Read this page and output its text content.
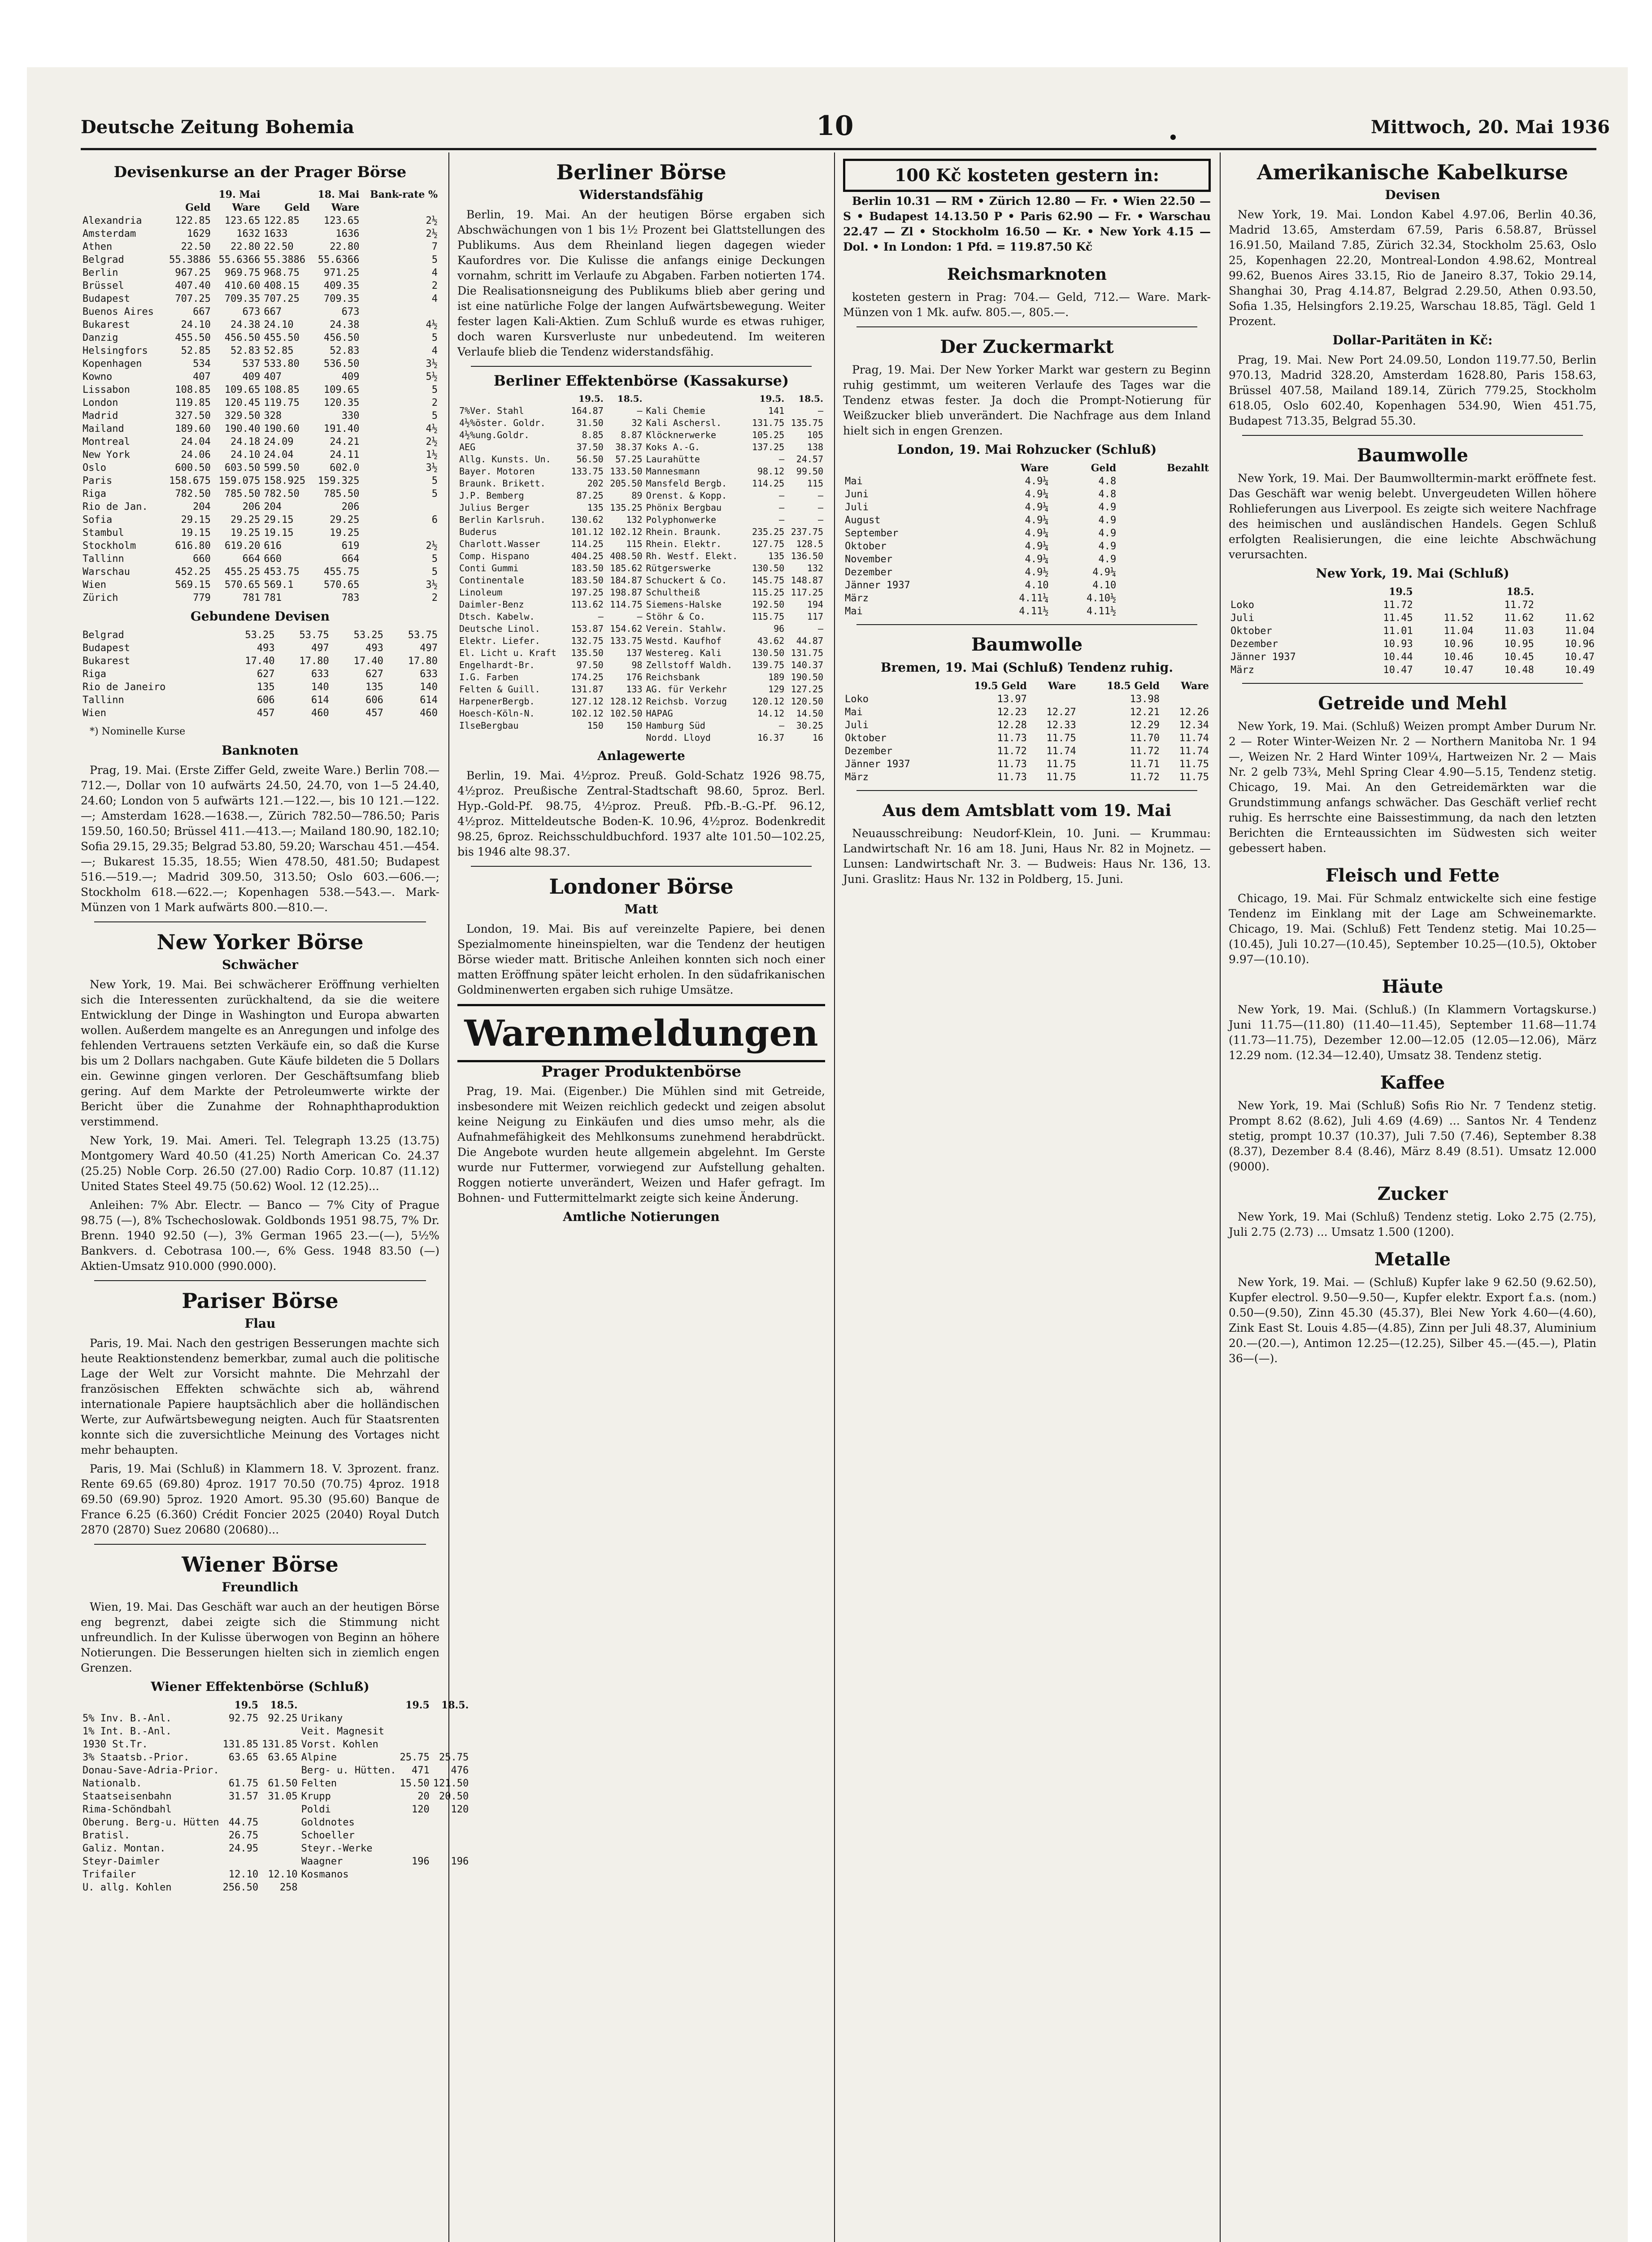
Deutsche Zeitung Bohemia	10	Mittwoch, 20. Mai 1936
Devisenkurse an der Prager Börse
	19. Mai		18. Mai		Bank-rate %
	Geld	Ware	Geld	Ware	
Alexandria	122.85	123.65	122.85	123.65	2½
Amsterdam	1629	1632	1633	1636	2½
Athen	22.50	22.80	22.50	22.80	7
Belgrad	55.3886	55.6366	55.3886	55.6366	5
Berlin	967.25	969.75	968.75	971.25	4
Brüssel	407.40	410.60	408.15	409.35	2
Budapest	707.25	709.35	707.25	709.35	4
Buenos Aires	667	673	667	673	
Bukarest	24.10	24.38	24.10	24.38	4½
Danzig	455.50	456.50	455.50	456.50	5
Helsingfors	52.85	52.83	52.85	52.83	4
Kopenhagen	534	537	533.80	536.50	3½
Kowno	407	409	407	409	5½
Lissabon	108.85	109.65	108.85	109.65	5
London	119.85	120.45	119.75	120.35	2
Madrid	327.50	329.50	328	330	5
Mailand	189.60	190.40	190.60	191.40	4½
Montreal	24.04	24.18	24.09	24.21	2½
New York	24.06	24.10	24.04	24.11	1½
Oslo	600.50	603.50	599.50	602.0	3½
Paris	158.675	159.075	158.925	159.325	5
Riga	782.50	785.50	782.50	785.50	5
Rio de Jan.	204	206	204	206	
Sofia	29.15	29.25	29.15	29.25	6
Stambul	19.15	19.25	19.15	19.25	
Stockholm	616.80	619.20	616	619	2½
Tallinn	660	664	660	664	5
Warschau	452.25	455.25	453.75	455.75	5
Wien	569.15	570.65	569.1	570.65	3½
Zürich	779	781	781	783	2
Gebundene Devisen
Belgrad	53.25	53.75	53.25	53.75
Budapest	493	497	493	497
Bukarest	17.40	17.80	17.40	17.80
Riga	627	633	627	633
Rio de Janeiro	135	140	135	140
Tallinn	606	614	606	614
Wien	457	460	457	460
*) Nominelle Kurse
Banknoten
Prag, 19. Mai. (Erste Ziffer Geld, zweite Ware.) Berlin 708.—712.—, Dollar von 10 aufwärts 24.50, 24.70, von 1—5 24.40, 24.60; London von 5 aufwärts 121.—122.—, bis 10 121.—122.—; Amsterdam 1628.—1638.—, Zürich 782.50—786.50; Paris 159.50, 160.50; Brüssel 411.—413.—; Mailand 180.90, 182.10; Sofia 29.15, 29.35; Belgrad 53.80, 59.20; Warschau 451.—454.—; Bukarest 15.35, 18.55; Wien 478.50, 481.50; Budapest 516.—519.—; Madrid 309.50, 313.50; Oslo 603.—606.—; Stockholm 618.—622.—; Kopenhagen 538.—543.—. Mark-Münzen von 1 Mark aufwärts 800.—810.—.
New Yorker Börse
Schwächer
New York, 19. Mai. Bei schwächerer Eröffnung verhielten sich die Interessenten zurückhaltend, da sie die weitere Entwicklung der Dinge in Washington und Europa abwarten wollen. Außerdem mangelte es an Anregungen und infolge des fehlenden Vertrauens setzten Verkäufe ein, so daß die Kurse bis um 2 Dollars nachgaben. Gute Käufe bildeten die 5 Dollars ein. Gewinne gingen verloren. Der Geschäftsumfang blieb gering. Auf dem Markte der Petroleumwerte wirkte der Bericht über die Zunahme der Rohnaphthaproduktion verstimmend.
New York, 19. Mai. Ameri. Tel. Telegraph 13.25 (13.75) Montgomery Ward 40.50 (41.25) North American Co. 24.37 (25.25) Noble Corp. 26.50 (27.00) Radio Corp. 10.87 (11.12) United States Steel 49.75 (50.62) Wool. 12 (12.25)...
Anleihen: 7% Abr. Electr. — Banco — 7% City of Prague 98.75 (—), 8% Tschechoslowak. Goldbonds 1951 98.75, 7% Dr. Brenn. 1940 92.50 (—), 3% German 1965 23.—(—), 5½% Bankvers. d. Cebotrasa 100.—, 6% Gess. 1948 83.50 (—) Aktien-Umsatz 910.000 (990.000).
Pariser Börse
Flau
Paris, 19. Mai. Nach den gestrigen Besserungen machte sich heute Reaktionstendenz bemerkbar, zumal auch die politische Lage der Welt zur Vorsicht mahnte. Die Mehrzahl der französischen Effekten schwächte sich ab, während internationale Papiere hauptsächlich aber die holländischen Werte, zur Aufwärtsbewegung neigten. Auch für Staatsrenten konnte sich die zuversichtliche Meinung des Vortages nicht mehr behaupten.
Paris, 19. Mai (Schluß) in Klammern 18. V. 3prozent. franz. Rente 69.65 (69.80) 4proz. 1917 70.50 (70.75) 4proz. 1918 69.50 (69.90) 5proz. 1920 Amort. 95.30 (95.60) Banque de France 6.25 (6.360) Crédit Foncier 2025 (2040) Royal Dutch 2870 (2870) Suez 20680 (20680)...
Wiener Börse
Freundlich
Wien, 19. Mai. Das Geschäft war auch an der heutigen Börse eng begrenzt, dabei zeigte sich die Stimmung nicht unfreundlich. In der Kulisse überwogen von Beginn an höhere Notierungen. Die Besserungen hielten sich in ziemlich engen Grenzen.
Wiener Effektenbörse (Schluß)
	19.5	18.5.		19.5	18.5.
5% Inv. B.-Anl.	92.75	92.25	Urikany		
1% Int. B.-Anl.			Veit. Magnesit		
1930 St.Tr.	131.85	131.85	Vorst. Kohlen		
3% Staatsb.-Prior.	63.65	63.65	Alpine	25.75	25.75
Donau-Save-Adria-Prior.			Berg- u. Hütten.	471	476
Nationalb.	61.75	61.50	Felten	15.50	121.50
Staatseisenbahn	31.57	31.05	Krupp	20	20.50
Rima-Schöndbahl			Poldi	120	120
Oberung. Berg-u. Hütten	44.75		Goldnotes		
Bratisl.	26.75		Schoeller		
Galiz. Montan.	24.95		Steyr.-Werke		
Steyr-Daimler			Waagner	196	196
Trifailer	12.10	12.10	Kosmanos		
U. allg. Kohlen	256.50	258			
Berliner Börse
Widerstandsfähig
Berlin, 19. Mai. An der heutigen Börse ergaben sich Abschwächungen von 1 bis 1½ Prozent bei Glattstellungen des Publikums. Aus dem Rheinland liegen dagegen wieder Kaufordres vor. Die Kulisse die anfangs einige Deckungen vornahm, schritt im Verlaufe zu Abgaben. Farben notierten 174. Die Realisationsneigung des Publikums blieb aber gering und ist eine natürliche Folge der langen Aufwärtsbewegung. Weiter fester lagen Kali-Aktien. Zum Schluß wurde es etwas ruhiger, doch waren Kursverluste nur unbedeutend. Im weiteren Verlaufe blieb die Tendenz widerstandsfähig.
Berliner Effektenbörse (Kassakurse)
	19.5.	18.5.		19.5.	18.5.
7%Ver. Stahl	164.87	—	Kali Chemie	141	—
4½%öster. Goldr.	31.50	32	Kali Aschersl.	131.75	135.75
4½%ung.Goldr.	8.85	8.87	Klöcknerwerke	105.25	105
AEG	37.50	38.37	Koks A.-G.	137.25	138
Allg. Kunsts. Un.	56.50	57.25	Laurahütte	—	24.57
Bayer. Motoren	133.75	133.50	Mannesmann	98.12	99.50
Braunk. Brikett.	202	205.50	Mansfeld Bergb.	114.25	115
J.P. Bemberg	87.25	89	Orenst. & Kopp.	—	—
Julius Berger	135	135.25	Phönix Bergbau	—	—
Berlin Karlsruh.	130.62	132	Polyphonwerke	—	—
Buderus	101.12	102.12	Rhein. Braunk.	235.25	237.75
Charlott.Wasser	114.25	115	Rhein. Elektr.	127.75	128.5
Comp. Hispano	404.25	408.50	Rh. Westf. Elekt.	135	136.50
Conti Gummi	183.50	185.62	Rütgerswerke	130.50	132
Continentale	183.50	184.87	Schuckert & Co.	145.75	148.87
Linoleum	197.25	198.87	Schultheiß	115.25	117.25
Daimler-Benz	113.62	114.75	Siemens-Halske	192.50	194
Dtsch. Kabelw.	—	—	Stöhr & Co.	115.75	117
Deutsche Linol.	153.87	154.62	Verein. Stahlw.	96	—
Elektr. Liefer.	132.75	133.75	Westd. Kaufhof	43.62	44.87
El. Licht u. Kraft	135.50	137	Westereg. Kali	130.50	131.75
Engelhardt-Br.	97.50	98	Zellstoff Waldh.	139.75	140.37
I.G. Farben	174.25	176	Reichsbank	189	190.50
Felten & Guill.	131.87	133	AG. für Verkehr	129	127.25
HarpenerBergb.	127.12	128.12	Reichsb. Vorzug	120.12	120.50
Hoesch-Köln-N.	102.12	102.50	HAPAG	14.12	14.50
IlseBergbau	150	150	Hamburg Süd	—	30.25
			Nordd. Lloyd	16.37	16
Anlagewerte
Berlin, 19. Mai. 4½proz. Preuß. Gold-Schatz 1926 98.75, 4½proz. Preußische Zentral-Stadtschaft 98.60, 5proz. Berl. Hyp.-Gold-Pf. 98.75, 4½proz. Preuß. Pfb.-B.-G.-Pf. 96.12, 4½proz. Mitteldeutsche Boden-K. 10.96, 4½proz. Bodenkredit 98.25, 6proz. Reichsschuldbuchford. 1937 alte 101.50—102.25, bis 1946 alte 98.37.
Londoner Börse
Matt
London, 19. Mai. Bis auf vereinzelte Papiere, bei denen Spezialmomente hineinspielten, war die Tendenz der heutigen Börse wieder matt. Britische Anleihen konnten sich noch einer matten Eröffnung später leicht erholen. In den südafrikanischen Goldminenwerten ergaben sich ruhige Umsätze.
Warenmeldungen
Prager Produktenbörse
Prag, 19. Mai. (Eigenber.) Die Mühlen sind mit Getreide, insbesondere mit Weizen reichlich gedeckt und zeigen absolut keine Neigung zu Einkäufen und dies umso mehr, als die Aufnahmefähigkeit des Mehlkonsums zunehmend herabdrückt. Die Angebote wurden heute allgemein abgelehnt. Im Gerste wurde nur Futtermer, vorwiegend zur Aufstellung gehalten. Roggen notierte unverändert, Weizen und Hafer gefragt. Im Bohnen- und Futtermittelmarkt zeigte sich keine Änderung.
Amtliche Notierungen
100 Kč kosteten gestern in:
Berlin 10.31 — RM • Zürich 12.80 — Fr. • Wien 22.50 — S • Budapest 14.13.50 P • Paris 62.90 — Fr. • Warschau 22.47 — Zl • Stockholm 16.50 — Kr. • New York 4.15 — Dol. • In London: 1 Pfd. = 119.87.50 Kč
Reichsmarknoten
kosteten gestern in Prag: 704.— Geld, 712.— Ware. Mark-Münzen von 1 Mk. aufw. 805.—, 805.—.
Der Zuckermarkt
Prag, 19. Mai. Der New Yorker Markt war gestern zu Beginn ruhig gestimmt, um weiteren Verlaufe des Tages war die Tendenz etwas fester. Ja doch die Prompt-Notierung für Weißzucker blieb unverändert. Die Nachfrage aus dem Inland hielt sich in engen Grenzen.
London, 19. Mai Rohzucker (Schluß)
	Ware	Geld	Bezahlt
Mai	4.9¼	4.8	
Juni	4.9¼	4.8	
Juli	4.9¼	4.9	
August	4.9¼	4.9	
September	4.9¼	4.9	
Oktober	4.9¼	4.9	
November	4.9¼	4.9	
Dezember	4.9½	4.9¼	
Jänner 1937	4.10	4.10	
März	4.11¼	4.10½	
Mai	4.11½	4.11½	
Baumwolle
Bremen, 19. Mai (Schluß) Tendenz ruhig.
	19.5 Geld	Ware	18.5 Geld	Ware
Loko	13.97		13.98	
Mai	12.23	12.27	12.21	12.26
Juli	12.28	12.33	12.29	12.34
Oktober	11.73	11.75	11.70	11.74
Dezember	11.72	11.74	11.72	11.74
Jänner 1937	11.73	11.75	11.71	11.75
März	11.73	11.75	11.72	11.75
Aus dem Amtsblatt vom 19. Mai
Neuausschreibung: Neudorf-Klein, 10. Juni. — Krummau: Landwirtschaft Nr. 16 am 18. Juni, Haus Nr. 82 in Mojnetz. — Lunsen: Landwirtschaft Nr. 3. — Budweis: Haus Nr. 136, 13. Juni. Graslitz: Haus Nr. 132 in Poldberg, 15. Juni.
Amerikanische Kabelkurse
Devisen
New York, 19. Mai. London Kabel 4.97.06, Berlin 40.36, Madrid 13.65, Amsterdam 67.59, Paris 6.58.87, Brüssel 16.91.50, Mailand 7.85, Zürich 32.34, Stockholm 25.63, Oslo 25, Kopenhagen 22.20, Montreal-London 4.98.62, Montreal 99.62, Buenos Aires 33.15, Rio de Janeiro 8.37, Tokio 29.14, Shanghai 30, Prag 4.14.87, Belgrad 2.29.50, Athen 0.93.50, Sofia 1.35, Helsingfors 2.19.25, Warschau 18.85, Tägl. Geld 1 Prozent.
Dollar-Paritäten in Kč:
Prag, 19. Mai. New Port 24.09.50, London 119.77.50, Berlin 970.13, Madrid 328.20, Amsterdam 1628.80, Paris 158.63, Brüssel 407.58, Mailand 189.14, Zürich 779.25, Stockholm 618.05, Oslo 602.40, Kopenhagen 534.90, Wien 451.75, Budapest 713.35, Belgrad 55.30.
Baumwolle
New York, 19. Mai. Der Baumwolltermin-markt eröffnete fest. Das Geschäft war wenig belebt. Unvergeudeten Willen höhere Rohlieferungen aus Liverpool. Es zeigte sich weitere Nachfrage des heimischen und ausländischen Handels. Gegen Schluß erfolgten Realisierungen, die eine leichte Abschwächung verursachten.
New York, 19. Mai (Schluß)
	19.5		18.5.	
Loko	11.72		11.72	
Juli	11.45	11.52	11.62	11.62
Oktober	11.01	11.04	11.03	11.04
Dezember	10.93	10.96	10.95	10.96
Jänner 1937	10.44	10.46	10.45	10.47
März	10.47	10.47	10.48	10.49
Getreide und Mehl
New York, 19. Mai. (Schluß) Weizen prompt Amber Durum Nr. 2 — Roter Winter-Weizen Nr. 2 — Northern Manitoba Nr. 1 94—, Weizen Nr. 2 Hard Winter 109¼, Hartweizen Nr. 2 — Mais Nr. 2 gelb 73¾, Mehl Spring Clear 4.90—5.15, Tendenz stetig. Chicago, 19. Mai. An den Getreidemärkten war die Grundstimmung anfangs schwächer. Das Geschäft verlief recht ruhig. Es herrschte eine Baissestimmung, da nach den letzten Berichten die Ernteaussichten im Südwesten sich weiter gebessert haben.
Fleisch und Fette
Chicago, 19. Mai. Für Schmalz entwickelte sich eine festige Tendenz im Einklang mit der Lage am Schweinemarkte. Chicago, 19. Mai. (Schluß) Fett Tendenz stetig. Mai 10.25—(10.45), Juli 10.27—(10.45), September 10.25—(10.5), Oktober 9.97—(10.10).
Häute
New York, 19. Mai. (Schluß.) (In Klammern Vortagskurse.) Juni 11.75—(11.80) (11.40—11.45), September 11.68—11.74 (11.73—11.75), Dezember 12.00—12.05 (12.05—12.06), März 12.29 nom. (12.34—12.40), Umsatz 38. Tendenz stetig.
Kaffee
New York, 19. Mai (Schluß) Sofis Rio Nr. 7 Tendenz stetig. Prompt 8.62 (8.62), Juli 4.69 (4.69) ... Santos Nr. 4 Tendenz stetig, prompt 10.37 (10.37), Juli 7.50 (7.46), September 8.38 (8.37), Dezember 8.4 (8.46), März 8.49 (8.51). Umsatz 12.000 (9000).
Zucker
New York, 19. Mai (Schluß) Tendenz stetig. Loko 2.75 (2.75), Juli 2.75 (2.73) ... Umsatz 1.500 (1200).
Metalle
New York, 19. Mai. — (Schluß) Kupfer lake 9 62.50 (9.62.50), Kupfer electrol. 9.50—9.50—, Kupfer elektr. Export f.a.s. (nom.) 0.50—(9.50), Zinn 45.30 (45.37), Blei New York 4.60—(4.60), Zink East St. Louis 4.85—(4.85), Zinn per Juli 48.37, Aluminium 20.—(20.—), Antimon 12.25—(12.25), Silber 45.—(45.—), Platin 36—(—).
